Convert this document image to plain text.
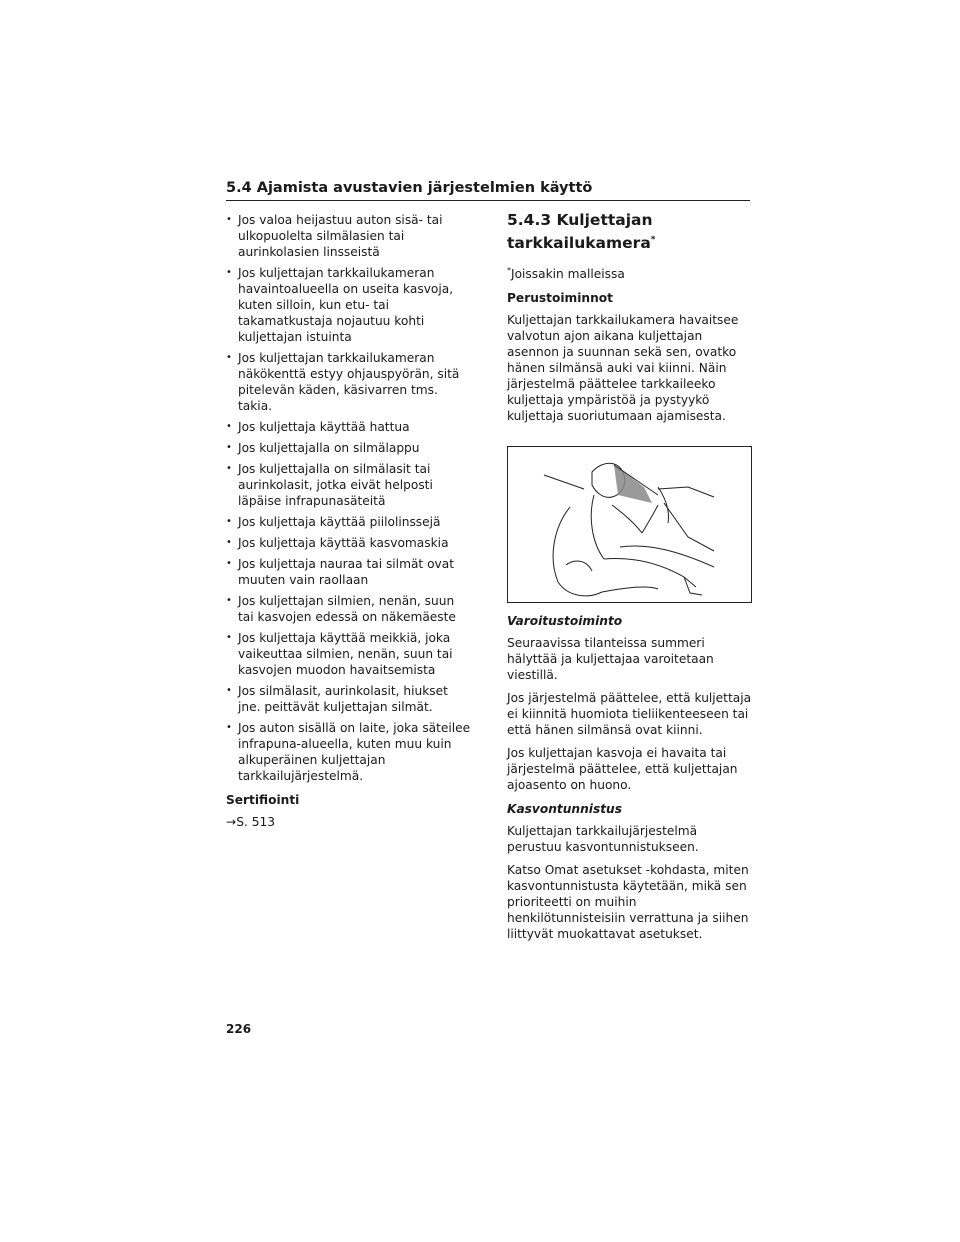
5.4 Ajamista avustavien järjestelmien käyttö
• Jos valoa heijastuu auton sisä- tai ulkopuolelta silmälasien tai aurinkolasien linsseistä
• Jos kuljettajan tarkkailukameran havaintoalueella on useita kasvoja, kuten silloin, kun etu- tai takamatkustaja nojautuu kohti kuljettajan istuinta
• Jos kuljettajan tarkkailukameran näkökenttä estyy ohjauspyörän, sitä pitelevän käden, käsivarren tms. takia.
• Jos kuljettaja käyttää hattua
• Jos kuljettajalla on silmälappu
• Jos kuljettajalla on silmälasit tai aurinkolasit, jotka eivät helposti läpäise infrapunasäteitä
• Jos kuljettaja käyttää piilolinssejä
• Jos kuljettaja käyttää kasvomaskia
• Jos kuljettaja nauraa tai silmät ovat muuten vain raollaan
• Jos kuljettajan silmien, nenän, suun tai kasvojen edessä on näkemäeste
• Jos kuljettaja käyttää meikkiä, joka vaikeuttaa silmien, nenän, suun tai kasvojen muodon havaitsemista
• Jos silmälasit, aurinkolasit, hiukset jne. peittävät kuljettajan silmät.
• Jos auton sisällä on laite, joka säteilee infrapuna-alueella, kuten muu kuin alkuperäinen kuljettajan tarkkailujärjestelmä.
Sertifiointi
→S. 513
5.4.3 Kuljettajan tarkkailukamera*
*Joissakin malleissa
Perustoiminnot

Kuljettajan tarkkailukamera havaitsee valvotun ajon aikana kuljettajan asennon ja suunnan sekä sen, ovatko hänen silmänsä auki vai kiinni. Näin järjestelmä päättelee tarkkaileeko kuljettaja ympäristöä ja pystyykö kuljettaja suoriutumaan ajamisesta.

Varoitustoiminto

Seuraavissa tilanteissa summeri hälyttää ja kuljettajaa varoitetaan viestillä.

Jos järjestelmä päättelee, että kuljettaja ei kiinnitä huomiota tieliikenteeseen tai että hänen silmänsä ovat kiinni.

Jos kuljettajan kasvoja ei havaita tai järjestelmä päättelee, että kuljettajan ajoasento on huono.

Kasvontunnistus

Kuljettajan tarkkailujärjestelmä perustuu kasvontunnistukseen.

Katso Omat asetukset -kohdasta, miten kasvontunnistusta käytetään, mikä sen prioriteetti on muihin henkilötunnisteisiin verrattuna ja siihen liittyvät muokattavat asetukset.

226
